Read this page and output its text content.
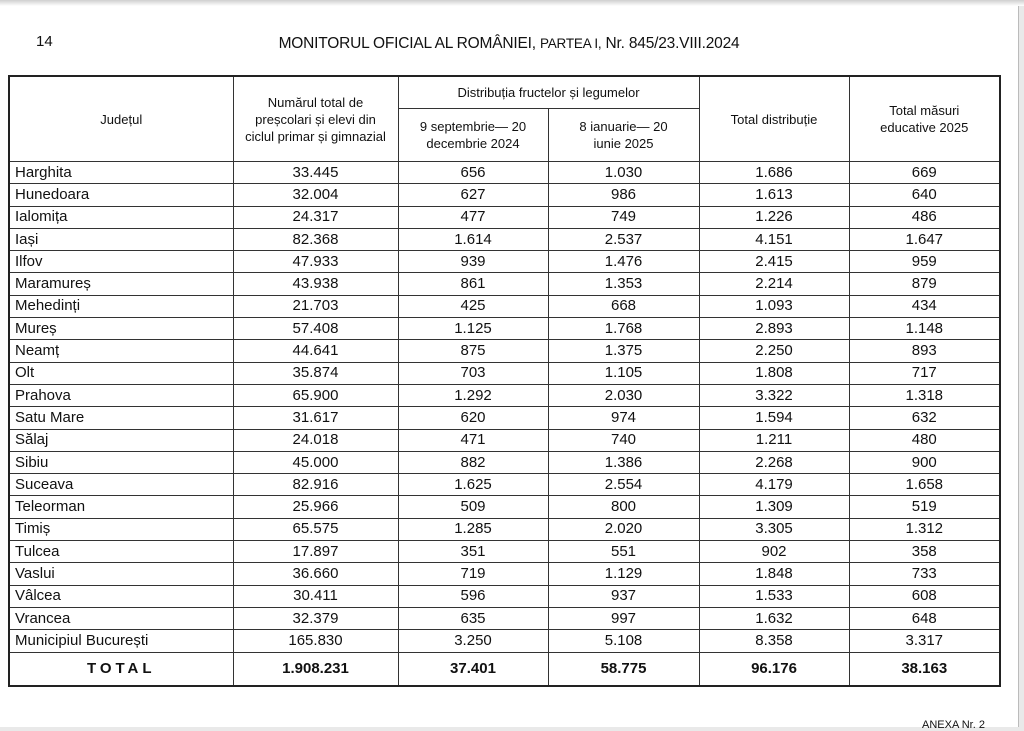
14	MONITORUL OFICIAL AL ROMÂNIEI, PARTEA I, Nr. 845/23.VIII.2024
Județul	Numărul total de preșcolari și elevi din ciclul primar și gimnazial	Distribuția fructelor și legumelor		Total distribuție	Total măsuri educative 2025
		9 septembrie— 20 decembrie 2024	8 ianuarie— 20 iunie 2025		
Harghita	33.445	656	1.030	1.686	669
Hunedoara	32.004	627	986	1.613	640
Ialomița	24.317	477	749	1.226	486
Iași	82.368	1.614	2.537	4.151	1.647
Ilfov	47.933	939	1.476	2.415	959
Maramureș	43.938	861	1.353	2.214	879
Mehedinți	21.703	425	668	1.093	434
Mureș	57.408	1.125	1.768	2.893	1.148
Neamț	44.641	875	1.375	2.250	893
Olt	35.874	703	1.105	1.808	717
Prahova	65.900	1.292	2.030	3.322	1.318
Satu Mare	31.617	620	974	1.594	632
Sălaj	24.018	471	740	1.211	480
Sibiu	45.000	882	1.386	2.268	900
Suceava	82.916	1.625	2.554	4.179	1.658
Teleorman	25.966	509	800	1.309	519
Timiș	65.575	1.285	2.020	3.305	1.312
Tulcea	17.897	351	551	902	358
Vaslui	36.660	719	1.129	1.848	733
Vâlcea	30.411	596	937	1.533	608
Vrancea	32.379	635	997	1.632	648
Municipiul București	165.830	3.250	5.108	8.358	3.317
TOTAL	1.908.231	37.401	58.775	96.176	38.163
ANEXA Nr. 2
